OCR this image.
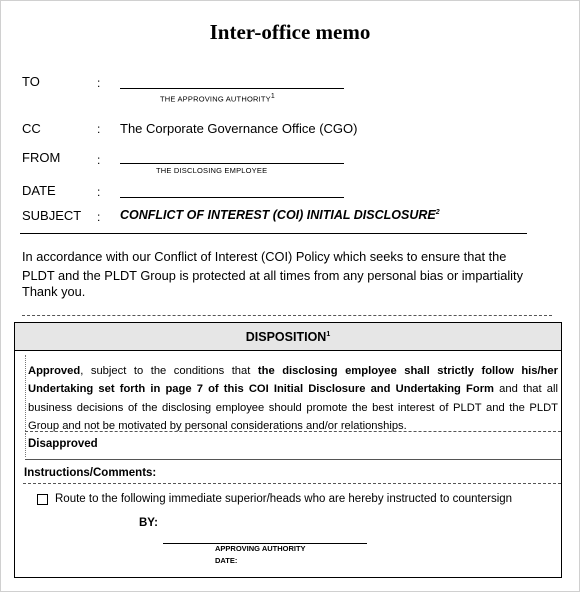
Inter-office memo
TO	:
THE APPROVING AUTHORITY$^1$
CC	: The Corporate Governance Office (CGO)
FROM	:
THE DISCLOSING EMPLOYEE
DATE	:
SUBJECT : CONFLICT OF INTEREST (COI) INITIAL DISCLOSURE$^2$
In accordance with our Conflict of Interest (COI) Policy which seeks to ensure that the PLDT and the PLDT Group is protected at all times from any personal bias or impartiality
Thank you.
DISPOSITION$^1$
Approved, subject to the conditions that the disclosing employee shall strictly follow his/her Undertaking set forth in page 7 of this COI Initial Disclosure and Undertaking Form and that all business decisions of the disclosing employee should promote the best interest of PLDT and the PLDT Group and not be motivated by personal considerations and/or relationships.
Disapproved
Instructions/Comments:
Route to the following immediate superior/heads who are hereby instructed to countersign
BY:
APPROVING AUTHORITY
DATE:
